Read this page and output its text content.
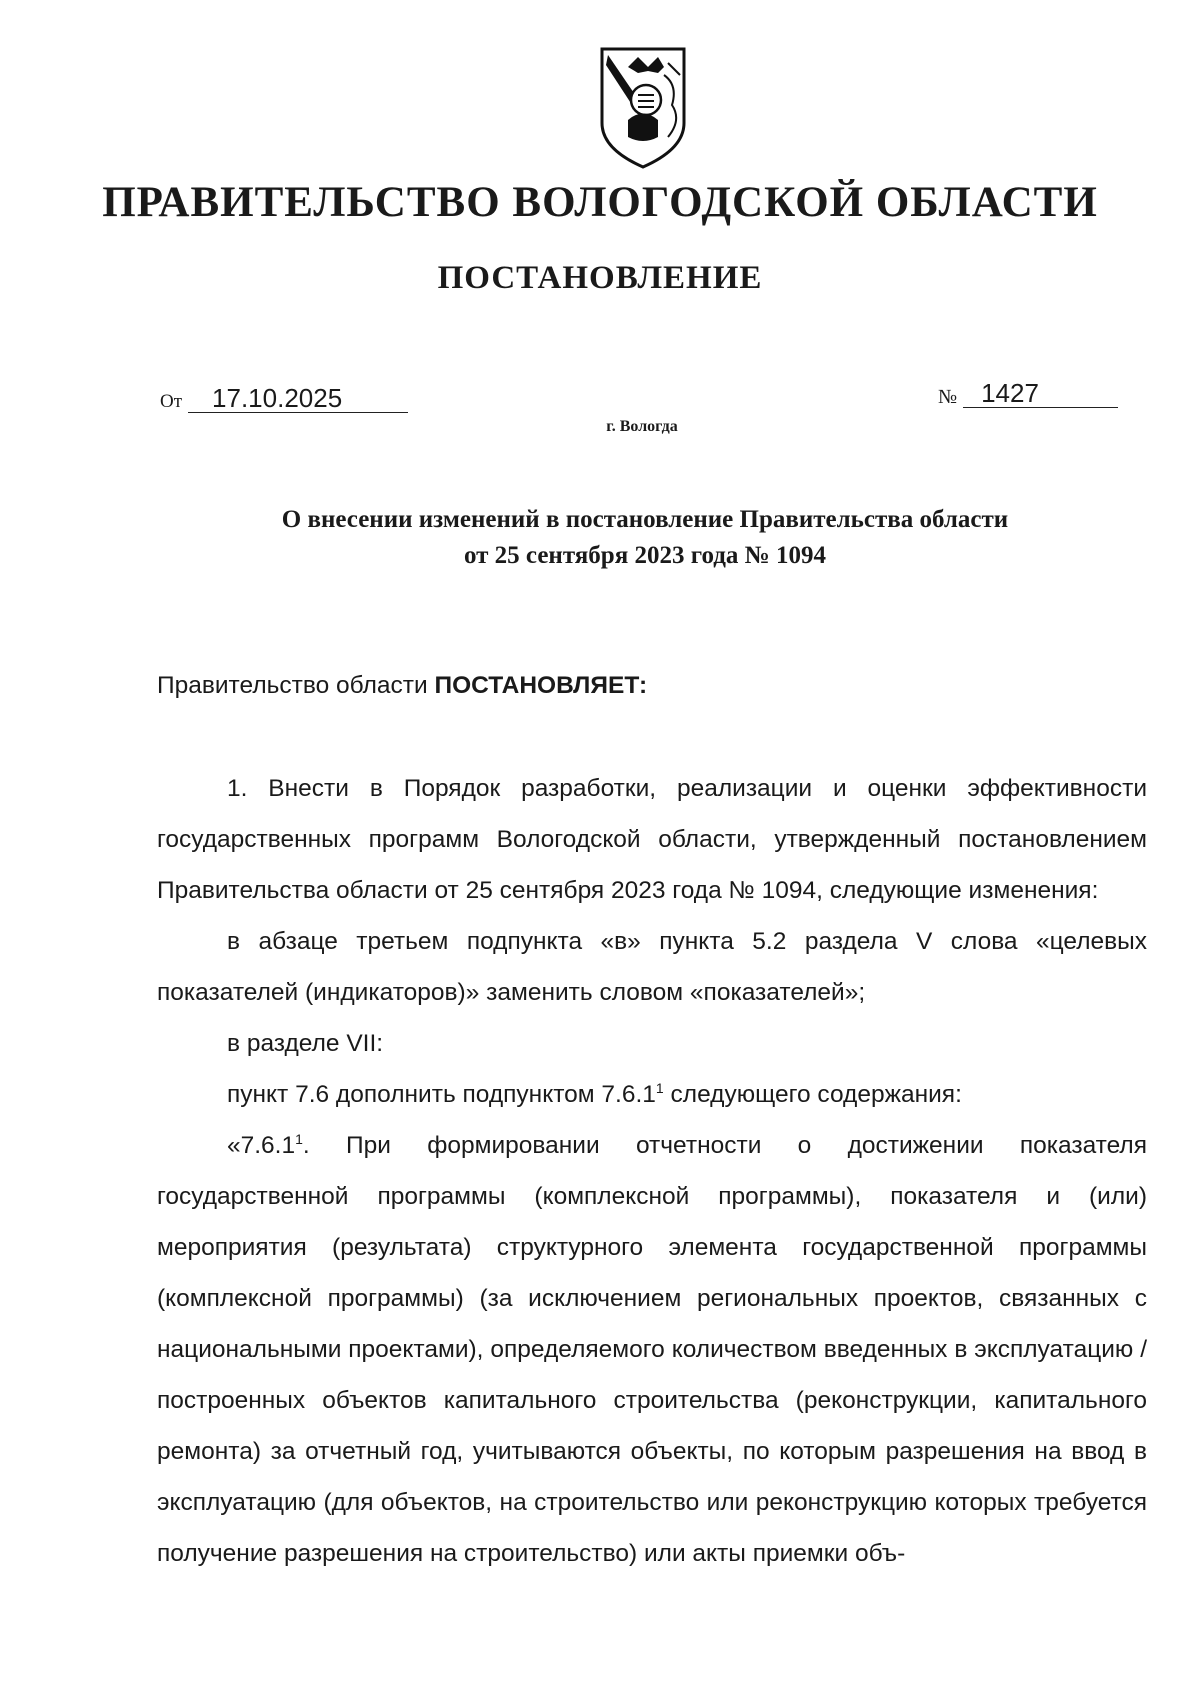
ПРАВИТЕЛЬСТВО ВОЛОГОДСКОЙ ОБЛАСТИ
ПОСТАНОВЛЕНИЕ
От	17.10.2025	№ 1427
г. Вологда
О внесении изменений в постановление Правительства области
от 25 сентября 2023 года № 1094

Правительство области ПОСТАНОВЛЯЕТ:

1. Внести в Порядок разработки, реализации и оценки эффективности государственных программ Вологодской области, утвержденный постановлением Правительства области от 25 сентября 2023 года № 1094, следующие изменения:

в абзаце третьем подпункта «в» пункта 5.2 раздела V слова «целевых показателей (индикаторов)» заменить словом «показателей»;

в разделе VII:

пункт 7.6 дополнить подпунктом 7.6.1$^1$ следующего содержания:

«7.6.1$^1$. При формировании отчетности о достижении показателя государственной программы (комплексной программы), показателя и (или) мероприятия (результата) структурного элемента государственной программы (комплексной программы) (за исключением региональных проектов, связанных с национальными проектами), определяемого количеством введенных в эксплуатацию / построенных объектов капитального строительства (реконструкции, капитального ремонта) за отчетный год, учитываются объекты, по которым разрешения на ввод в эксплуатацию (для объектов, на строительство или реконструкцию которых требуется получение разрешения на строительство) или акты приемки объ-
